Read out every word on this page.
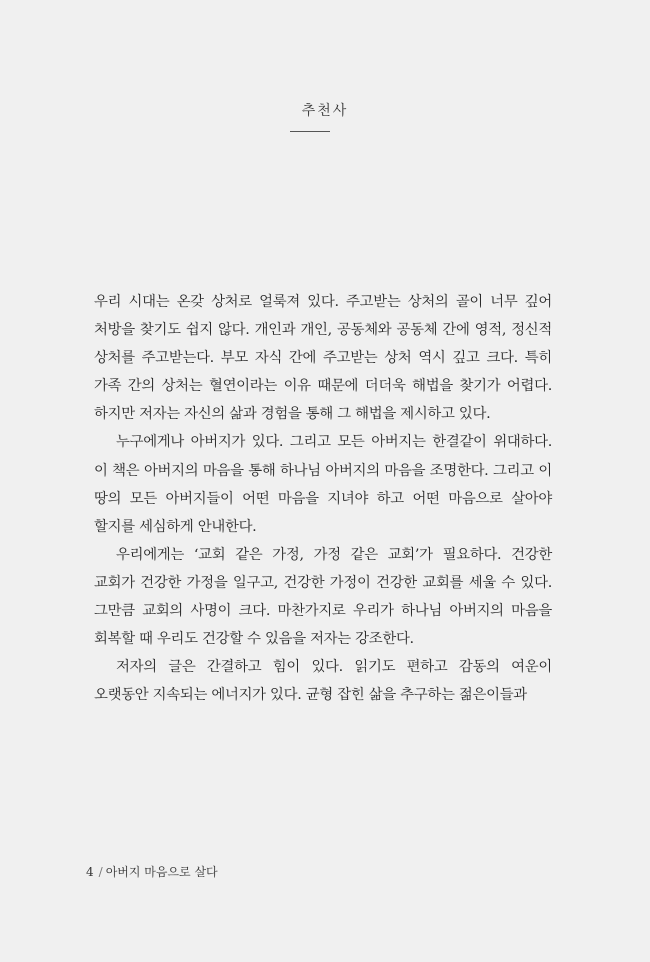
추천사

우리 시대는 온갖 상처로 얼룩져 있다. 주고받는 상처의 골이 너무 깊어 처방을 찾기도 쉽지 않다. 개인과 개인, 공동체와 공동체 간에 영적, 정신적 상처를 주고받는다. 부모 자식 간에 주고받는 상처 역시 깊고 크다. 특히 가족 간의 상처는 혈연이라는 이유 때문에 더더욱 해법을 찾기가 어렵다. 하지만 저자는 자신의 삶과 경험을 통해 그 해법을 제시하고 있다.

누구에게나 아버지가 있다. 그리고 모든 아버지는 한결같이 위대하다. 이 책은 아버지의 마음을 통해 하나님 아버지의 마음을 조명한다. 그리고 이 땅의 모든 아버지들이 어떤 마음을 지녀야 하고 어떤 마음으로 살아야 할지를 세심하게 안내한다.

우리에게는 ‘교회 같은 가정, 가정 같은 교회’가 필요하다. 건강한 교회가 건강한 가정을 일구고, 건강한 가정이 건강한 교회를 세울 수 있다. 그만큼 교회의 사명이 크다. 마찬가지로 우리가 하나님 아버지의 마음을 회복할 때 우리도 건강할 수 있음을 저자는 강조한다.

저자의 글은 간결하고 힘이 있다. 읽기도 편하고 감동의 여운이 오랫동안 지속되는 에너지가 있다. 균형 잡힌 삶을 추구하는 젊은이들과

4 / 아버지 마음으로 살다
